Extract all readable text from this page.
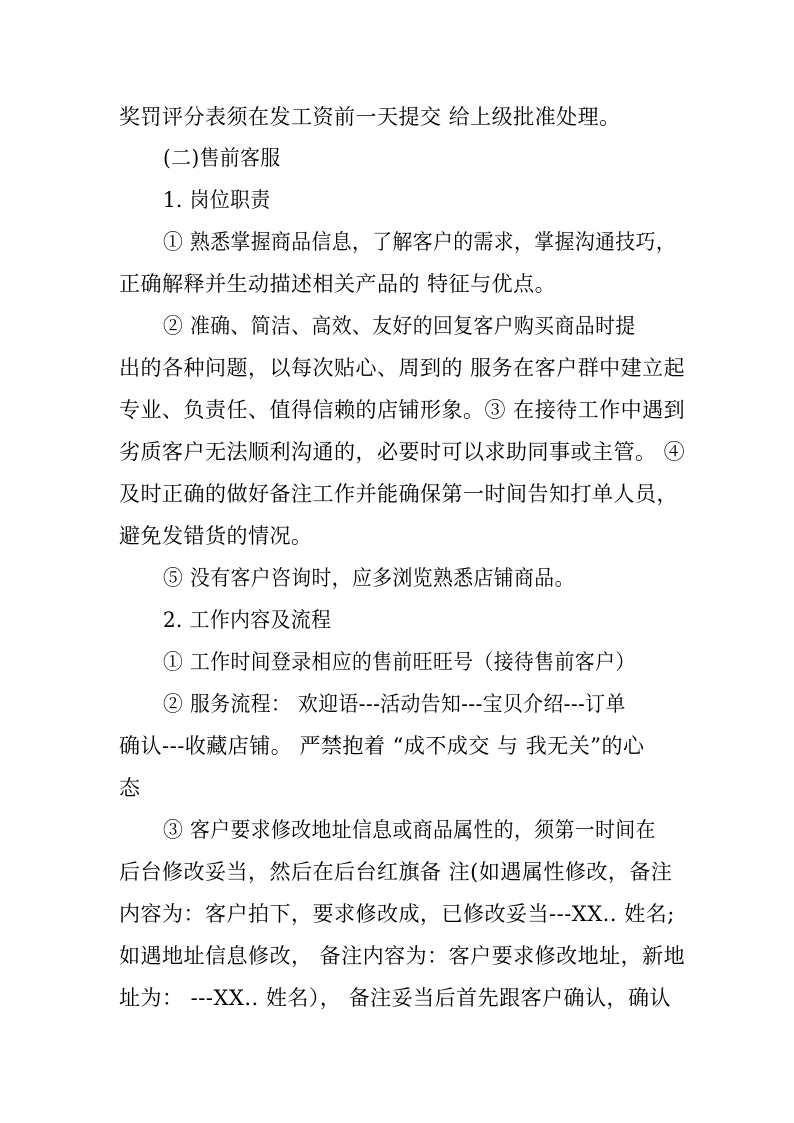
奖罚评分表须在发工资前一天提交 给上级批准处理。
(二)售前客服
1. 岗位职责
① 熟悉掌握商品信息，了解客户的需求，掌握沟通技巧，
正确解释并生动描述相关产品的 特征与优点。
② 准确、简洁、高效、友好的回复客户购买商品时提
出的各种问题，以每次贴心、周到的 服务在客户群中建立起
专业、负责任、值得信赖的店铺形象。③ 在接待工作中遇到
劣质客户无法顺利沟通的，必要时可以求助同事或主管。 ④
及时正确的做好备注工作并能确保第一时间告知打单人员，
避免发错货的情况。
⑤ 没有客户咨询时，应多浏览熟悉店铺商品。
2. 工作内容及流程
① 工作时间登录相应的售前旺旺号（接待售前客户）
② 服务流程： 欢迎语---活动告知---宝贝介绍---订单
确认---收藏店铺。 严禁抱着 “成不成交 与 我无关”的心
态
③ 客户要求修改地址信息或商品属性的，须第一时间在
后台修改妥当，然后在后台红旗备 注(如遇属性修改，备注
内容为：客户拍下，要求修改成，已修改妥当---XX.. 姓名;
如遇地址信息修改， 备注内容为：客户要求修改地址，新地
址为： ---XX.. 姓名）， 备注妥当后首先跟客户确认，确认
